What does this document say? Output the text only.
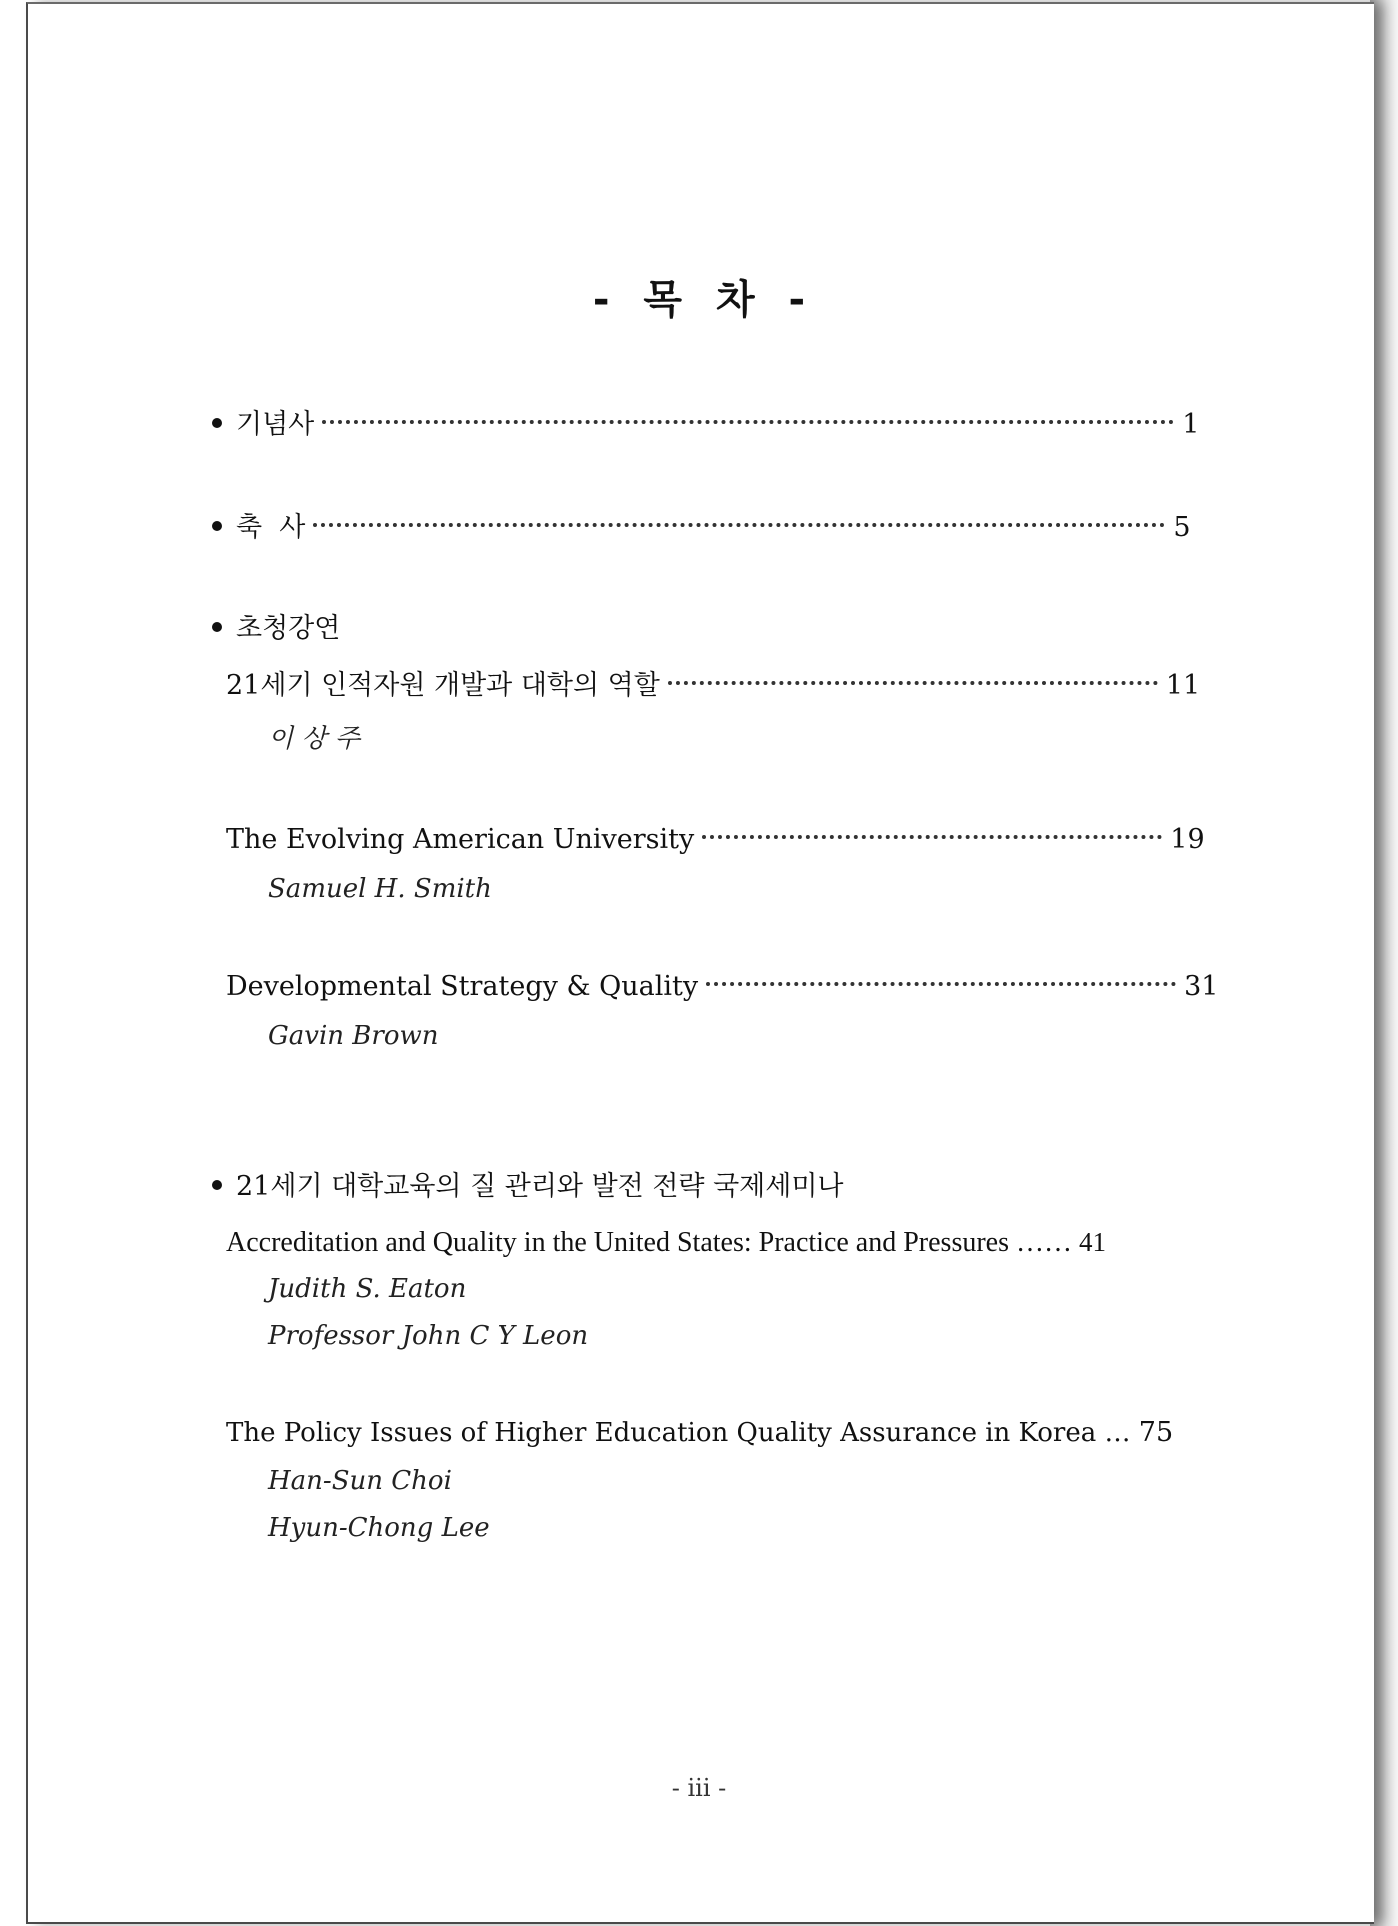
- 목 차 -
기념사	1
축  사	5
초청강연
21세기 인적자원 개발과 대학의 역할	11
이 상 주
The Evolving American University	19
Samuel H. Smith
Developmental Strategy & Quality	31
Gavin Brown
21세기 대학교육의 질 관리와 발전 전략 국제세미나
Accreditation and Quality in the United States: Practice and Pressures …… 41
Judith S. Eaton
Professor John C Y Leon
The Policy Issues of Higher Education Quality Assurance in Korea … 75
Han-Sun Choi
Hyun-Chong Lee
- iii -
